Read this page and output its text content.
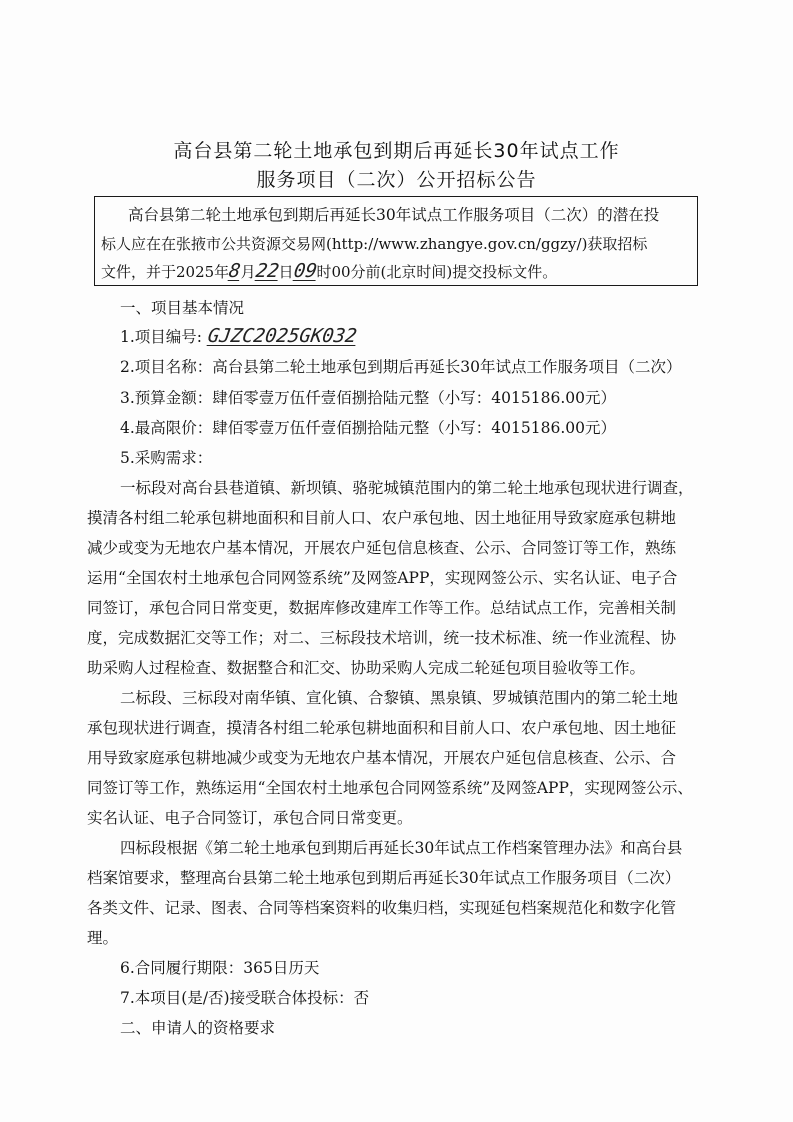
高台县第二轮土地承包到期后再延长30年试点工作
服务项目（二次）公开招标公告
高台县第二轮土地承包到期后再延长30年试点工作服务项目（二次）的潜在投
标人应在在张掖市公共资源交易网(http://www.zhangye.gov.cn/ggzy/)获取招标
文件，并于2025年8月22日09时00分前(北京时间)提交投标文件。
一、项目基本情况
1.项目编号: GJZC2025GK032
2.项目名称：高台县第二轮土地承包到期后再延长30年试点工作服务项目（二次）
3.预算金额：肆佰零壹万伍仟壹佰捌拾陆元整（小写：4015186.00元）
4.最高限价：肆佰零壹万伍仟壹佰捌拾陆元整（小写：4015186.00元）
5.采购需求：
一标段对高台县巷道镇、新坝镇、骆驼城镇范围内的第二轮土地承包现状进行调查，
摸清各村组二轮承包耕地面积和目前人口、农户承包地、因土地征用导致家庭承包耕地
减少或变为无地农户基本情况，开展农户延包信息核查、公示、合同签订等工作，熟练
运用“全国农村土地承包合同网签系统”及网签APP，实现网签公示、实名认证、电子合
同签订，承包合同日常变更，数据库修改建库工作等工作。总结试点工作，完善相关制
度，完成数据汇交等工作；对二、三标段技术培训，统一技术标准、统一作业流程、协
助采购人过程检查、数据整合和汇交、协助采购人完成二轮延包项目验收等工作。
二标段、三标段对南华镇、宣化镇、合黎镇、黑泉镇、罗城镇范围内的第二轮土地
承包现状进行调查，摸清各村组二轮承包耕地面积和目前人口、农户承包地、因土地征
用导致家庭承包耕地减少或变为无地农户基本情况，开展农户延包信息核查、公示、合
同签订等工作，熟练运用“全国农村土地承包合同网签系统”及网签APP，实现网签公示、
实名认证、电子合同签订，承包合同日常变更。
四标段根据《第二轮土地承包到期后再延长30年试点工作档案管理办法》和高台县
档案馆要求，整理高台县第二轮土地承包到期后再延长30年试点工作服务项目（二次）
各类文件、记录、图表、合同等档案资料的收集归档，实现延包档案规范化和数字化管
理。
6.合同履行期限：365日历天
7.本项目(是/否)接受联合体投标：否
二、申请人的资格要求
